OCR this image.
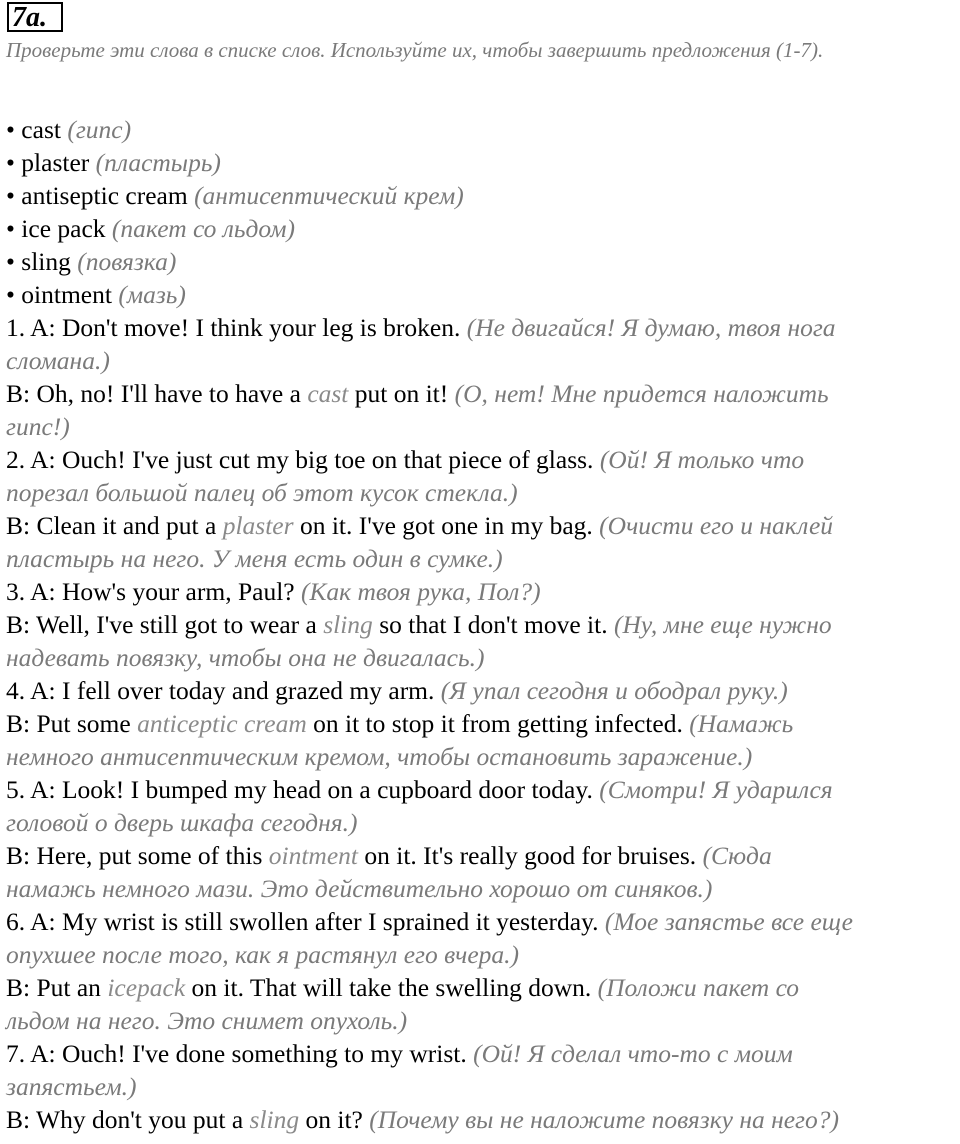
7a.
Проверьте эти слова в списке слов. Используйте их, чтобы завершить предложения (1-7).
• cast (гипс)
• plaster (пластырь)
• antiseptic cream (антисептический крем)
• ice pack (пакет со льдом)
• sling (повязка)
• ointment (мазь)
1. A: Don't move! I think your leg is broken. (Не двигайся! Я думаю, твоя нога
сломана.)
B: Oh, no! I'll have to have a cast put on it! (О, нет! Мне придется наложить
гипс!)
2. A: Ouch! I've just cut my big toe on that piece of glass. (Ой! Я только что
порезал большой палец об этот кусок стекла.)
B: Clean it and put a plaster on it. I've got one in my bag. (Очисти его и наклей
пластырь на него. У меня есть один в сумке.)
3. A: How's your arm, Paul? (Как твоя рука, Пол?)
B: Well, I've still got to wear a sling so that I don't move it. (Ну, мне еще нужно
надевать повязку, чтобы она не двигалась.)
4. A: I fell over today and grazed my arm. (Я упал сегодня и ободрал руку.)
B: Put some anticeptic cream on it to stop it from getting infected. (Намажь
немного антисептическим кремом, чтобы остановить заражение.)
5. A: Look! I bumped my head on a cupboard door today. (Смотри! Я ударился
головой о дверь шкафа сегодня.)
B: Here, put some of this ointment on it. It's really good for bruises. (Сюда
намажь немного мази. Это действительно хорошо от синяков.)
6. A: My wrist is still swollen after I sprained it yesterday. (Мое запястье все еще
опухшее после того, как я растянул его вчера.)
B: Put an icepack on it. That will take the swelling down. (Положи пакет со
льдом на него. Это снимет опухоль.)
7. A: Ouch! I've done something to my wrist. (Ой! Я сделал что-то с моим
запястьем.)
B: Why don't you put a sling on it? (Почему вы не наложите повязку на него?)
